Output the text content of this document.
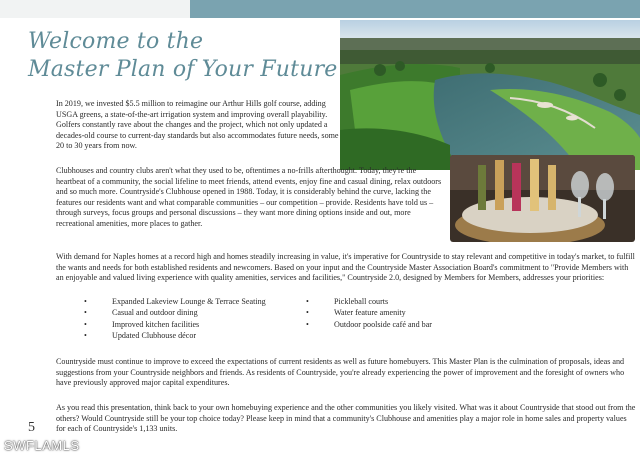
Welcome to the
Master Plan of Your Future

In 2019, we invested $5.5 million to reimagine our Arthur Hills golf course, adding USGA greens, a state-of-the-art irrigation system and improving overall playability. Golfers constantly rave about the changes and the project, which not only updated a decades-old course to current-day standards but also accommodates future needs, some 20 to 30 years from now.

Clubhouses and country clubs aren't what they used to be, oftentimes a no-frills afterthought. Today, they're the heartbeat of a community, the social lifeline to meet friends, attend events, enjoy fine and casual dining, relax outdoors and so much more. Countryside's Clubhouse opened in 1988. Today, it is considerably behind the curve, lacking the features our residents want and what comparable communities – our competition – provide. Residents have told us – through surveys, focus groups and personal discussions – they want more dining options inside and out, more recreational amenities, more places to gather.

With demand for Naples homes at a record high and homes steadily increasing in value, it's imperative for Countryside to stay relevant and competitive in today's market, to fulfill the wants and needs for both established residents and newcomers. Based on your input and the Countryside Master Association Board's commitment to "Provide Members with an enjoyable and valued living experience with quality amenities, services and facilities," Countryside 2.0, designed by Members for Members, addresses your priorities:

• Expanded Lakeview Lounge & Terrace Seating
• Casual and outdoor dining
• Improved kitchen facilities
• Updated Clubhouse décor
• Pickleball courts
• Water feature amenity
• Outdoor poolside café and bar

Countryside must continue to improve to exceed the expectations of current residents as well as future homebuyers. This Master Plan is the culmination of proposals, ideas and suggestions from your Countryside neighbors and friends. As residents of Countryside, you're already experiencing the power of improvement and the foresight of owners who have previously approved major capital expenditures.

As you read this presentation, think back to your own homebuying experience and the other communities you likely visited. What was it about Countryside that stood out from the others? Would Countryside still be your top choice today? Please keep in mind that a community's Clubhouse and amenities play a major role in home sales and property values for each of Countryside's 1,133 units.

5
SWFLAMLS
